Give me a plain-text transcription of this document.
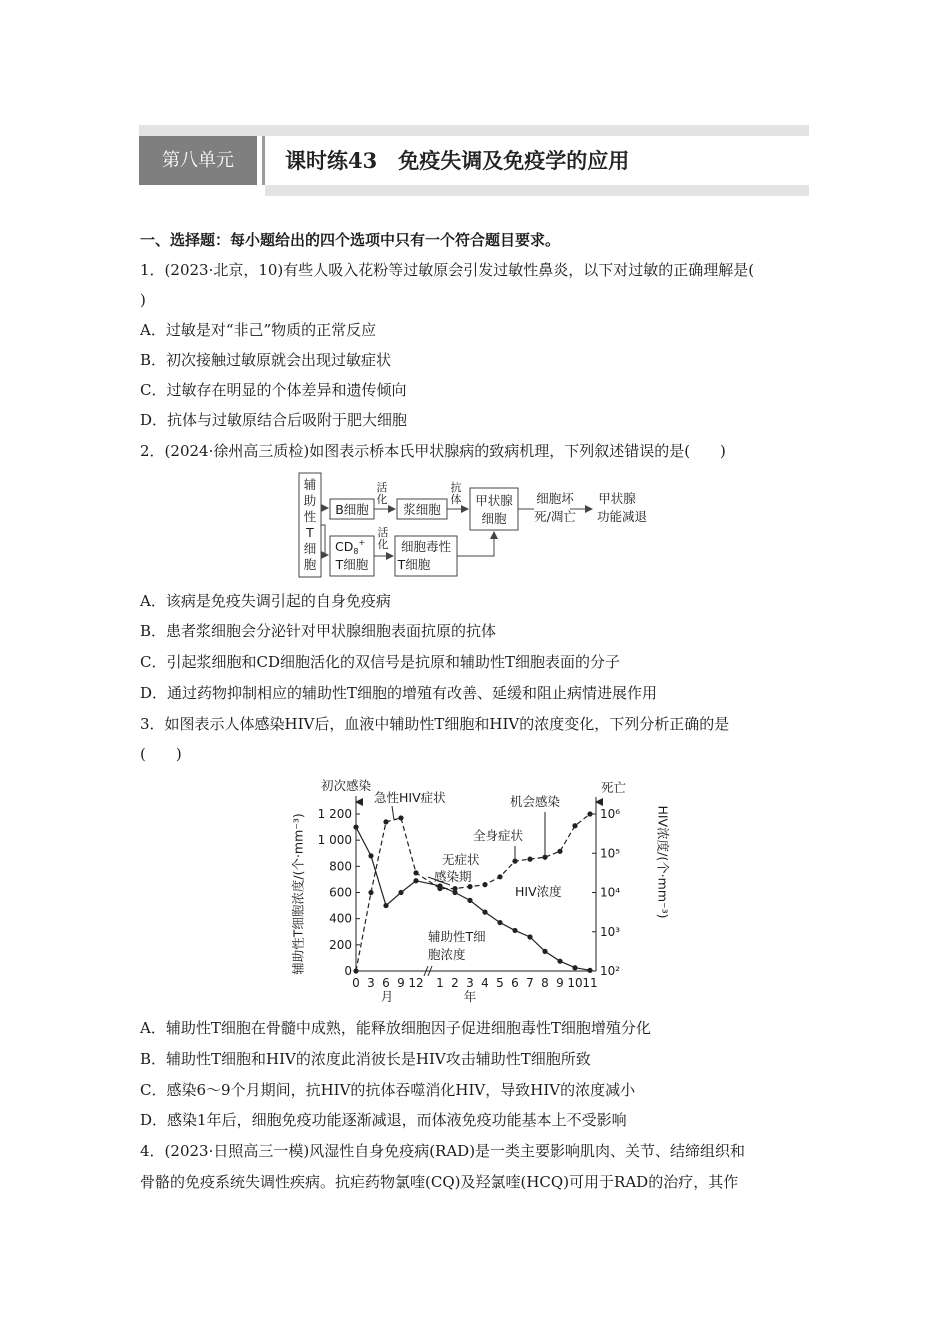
第八单元	课时练43　免疫失调及免疫学的应用
一、选择题：每小题给出的四个选项中只有一个符合题目要求。
1．(2023·北京，10)有些人吸入花粉等过敏原会引发过敏性鼻炎，以下对过敏的正确理解是(
)
A．过敏是对“非己”物质的正常反应
B．初次接触过敏原就会出现过敏症状
C．过敏存在明显的个体差异和遗传倾向
D．抗体与过敏原结合后吸附于肥大细胞
2．(2024·徐州高三质检)如图表示桥本氏甲状腺病的致病机理，下列叙述错误的是(　　)
辅
助
性
T
细
胞
B细胞
活
化
浆细胞
抗
体 甲状腺
细胞
细胞坏
死/凋亡
甲状腺
功能减退
$CD_8^+$
T细胞
活
化 细胞毒性
T细胞
A．该病是免疫失调引起的自身免疫病
B．患者浆细胞会分泌针对甲状腺细胞表面抗原的抗体
C．引起浆细胞和CD细胞活化的双信号是抗原和辅助性T细胞表面的分子
D．通过药物抑制相应的辅助性T细胞的增殖有改善、延缓和阻止病情进展作用
3．如图表示人体感染HIV后，血液中辅助性T细胞和HIV的浓度变化，下列分析正确的是
(　　)
0
200
400
600
800
1 000
1 200
10²
10³
10⁴
10⁵
10⁶
0 3 6 9 12 1 2 3 4 5 6 7 8 9 10 11
辅助性T细胞浓度/(个·mm⁻³)	HIV浓度/(个·mm⁻³)
初次感染
急性HIV症状
无症状
感染期
全身症状
机会感染
死亡
HIV浓度
辅助性T细
胞浓度
月	年
A．辅助性T细胞在骨髓中成熟，能释放细胞因子促进细胞毒性T细胞增殖分化
B．辅助性T细胞和HIV的浓度此消彼长是HIV攻击辅助性T细胞所致
C．感染6～9个月期间，抗HIV的抗体吞噬消化HIV，导致HIV的浓度减小
D．感染1年后，细胞免疫功能逐渐减退，而体液免疫功能基本上不受影响
4．(2023·日照高三一模)风湿性自身免疫病(RAD)是一类主要影响肌肉、关节、结缔组织和
骨骼的免疫系统失调性疾病。抗疟药物氯喹(CQ)及羟氯喹(HCQ)可用于RAD的治疗，其作
